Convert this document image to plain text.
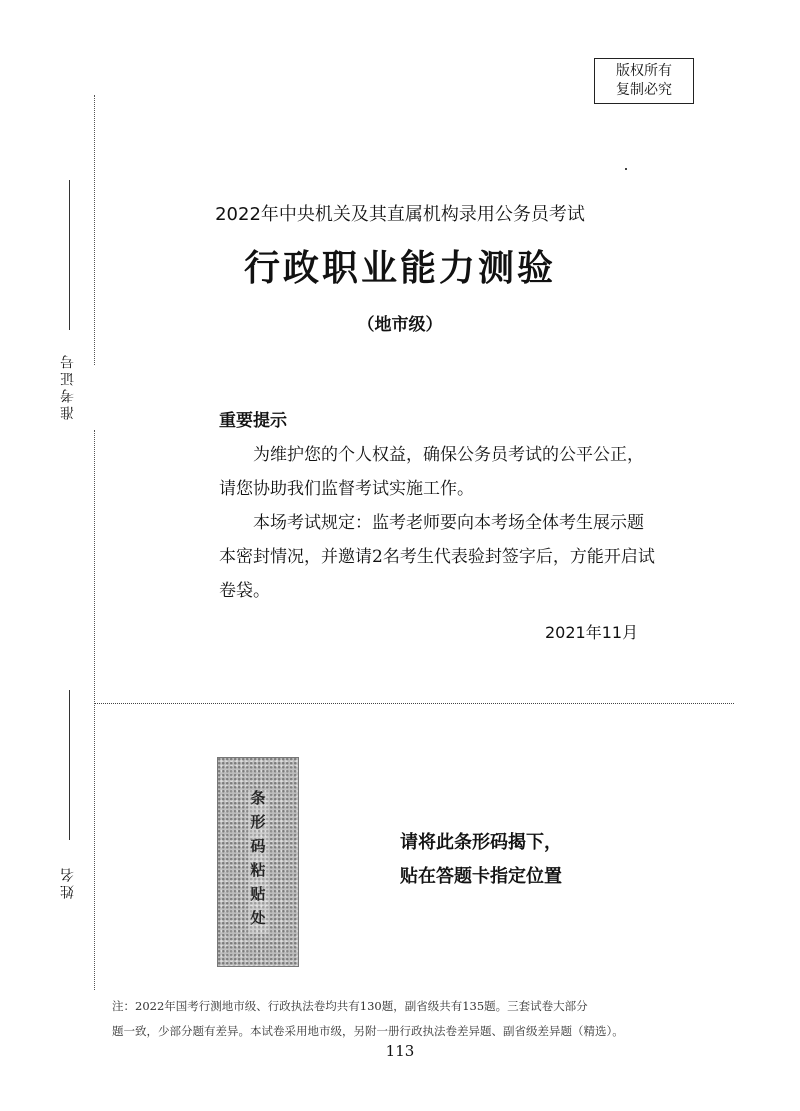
版权所有
复制必究
准考证号
姓名
2022年中央机关及其直属机构录用公务员考试
行政职业能力测验
（地市级）
重要提示

为维护您的个人权益，确保公务员考试的公平公正，请您协助我们监督考试实施工作。

本场考试规定：监考老师要向本考场全体考生展示题本密封情况，并邀请2名考生代表验封签字后，方能开启试卷袋。

2021年11月
条形码粘贴处	请将此条形码揭下，
贴在答题卡指定位置
注：2022年国考行测地市级、行政执法卷均共有130题，副省级共有135题。三套试卷大部分
题一致，少部分题有差异。本试卷采用地市级，另附一册行政执法卷差异题、副省级差异题（精选）。
113
